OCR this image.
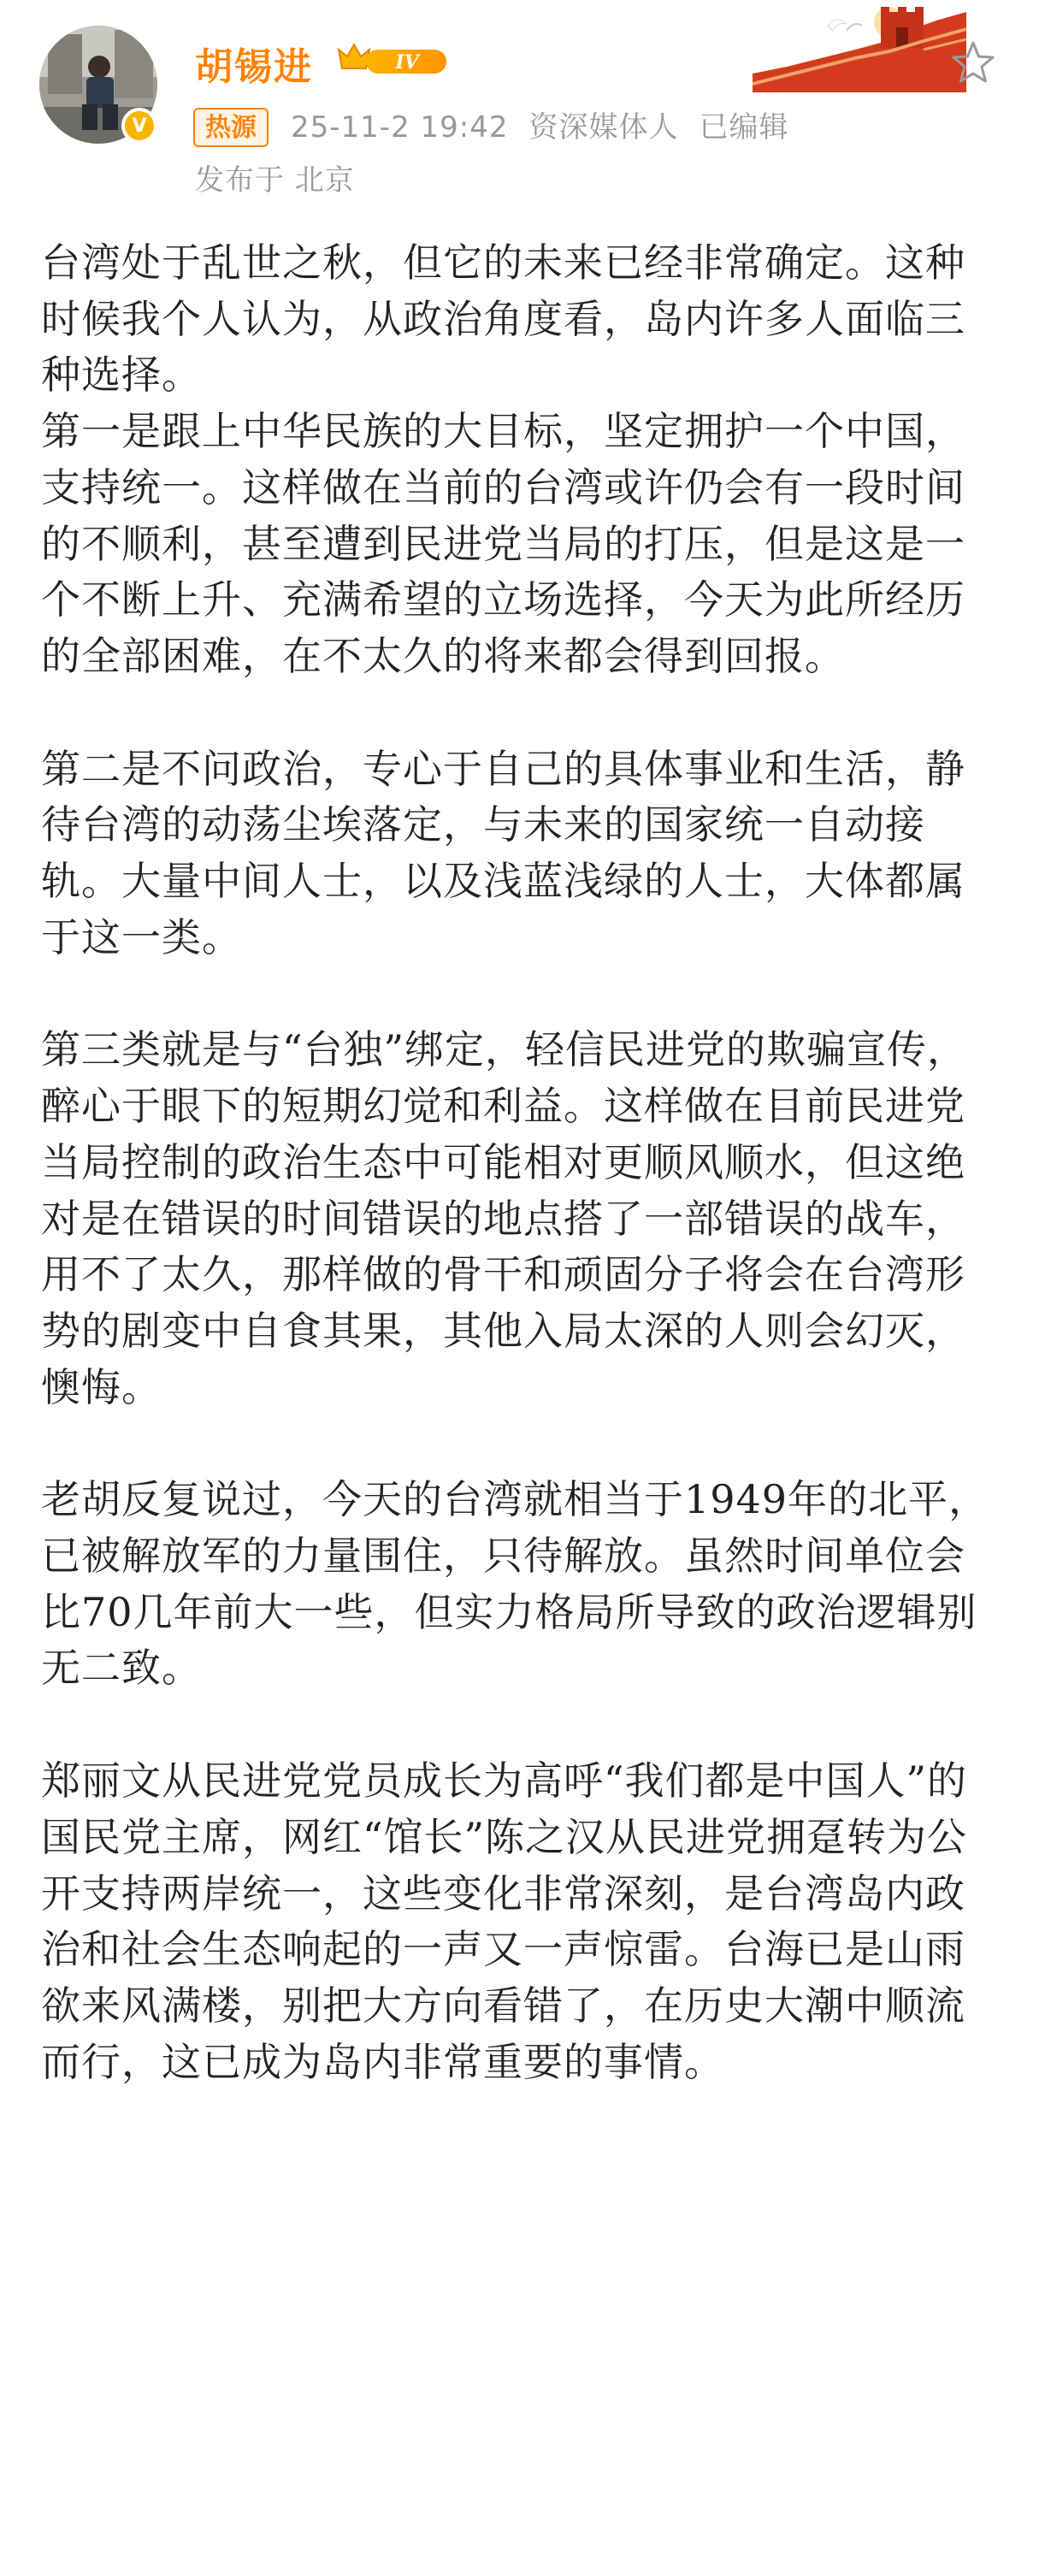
V
胡锡进	IV
热源	25-11-2 19:42 资深媒体人 已编辑
发布于 北京

台湾处于乱世之秋，但它的未来已经非常确定。这种时候我个人认为，从政治角度看，岛内许多人面临三种选择。

第一是跟上中华民族的大目标，坚定拥护一个中国，支持统一。这样做在当前的台湾或许仍会有一段时间的不顺利，甚至遭到民进党当局的打压，但是这是一个不断上升、充满希望的立场选择，今天为此所经历的全部困难，在不太久的将来都会得到回报。

第二是不问政治，专心于自己的具体事业和生活，静待台湾的动荡尘埃落定，与未来的国家统一自动接轨。大量中间人士，以及浅蓝浅绿的人士，大体都属于这一类。

第三类就是与“台独”绑定，轻信民进党的欺骗宣传，醉心于眼下的短期幻觉和利益。这样做在目前民进党当局控制的政治生态中可能相对更顺风顺水，但这绝对是在错误的时间错误的地点搭了一部错误的战车，用不了太久，那样做的骨干和顽固分子将会在台湾形势的剧变中自食其果，其他入局太深的人则会幻灭，懊悔。

老胡反复说过，今天的台湾就相当于1949年的北平，已被解放军的力量围住，只待解放。虽然时间单位会比70几年前大一些，但实力格局所导致的政治逻辑别无二致。

郑丽文从民进党党员成长为高呼“我们都是中国人”的国民党主席，网红“馆长”陈之汉从民进党拥趸转为公开支持两岸统一，这些变化非常深刻，是台湾岛内政治和社会生态响起的一声又一声惊雷。台海已是山雨欲来风满楼，别把大方向看错了，在历史大潮中顺流而行，这已成为岛内非常重要的事情。
